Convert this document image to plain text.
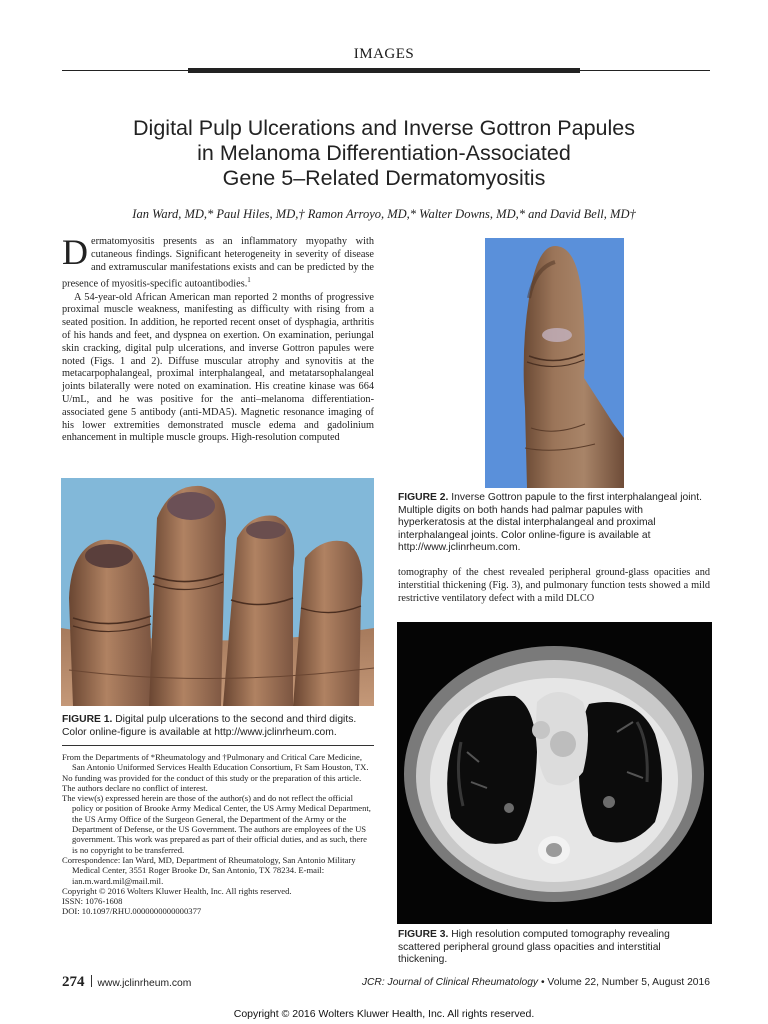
IMAGES
Digital Pulp Ulcerations and Inverse Gottron Papules
in Melanoma Differentiation-Associated
Gene 5–Related Dermatomyositis
Ian Ward, MD,* Paul Hiles, MD,† Ramon Arroyo, MD,* Walter Downs, MD,* and David Bell, MD†

Dermatomyositis presents as an inflammatory myopathy with cutaneous findings. Significant heterogeneity in severity of disease and extramuscular manifestations exists and can be predicted by the presence of myositis-specific autoantibodies.$^1$

A 54-year-old African American man reported 2 months of progressive proximal muscle weakness, manifesting as difficulty with rising from a seated position. In addition, he reported recent onset of dysphagia, arthritis of his hands and feet, and dyspnea on exertion. On examination, periungal skin cracking, digital pulp ulcerations, and inverse Gottron papules were noted (Figs. 1 and 2). Diffuse muscular atrophy and synovitis at the metacarpophalangeal, proximal interphalangeal, and metatarsophalangeal joints bilaterally were noted on examination. His creatine kinase was 664 U/mL, and he was positive for the anti–melanoma differentiation-associated gene 5 antibody (anti-MDA5). Magnetic resonance imaging of his lower extremities demonstrated muscle edema and gadolinium enhancement in multiple muscle groups. High-resolution computed

FIGURE 2. Inverse Gottron papule to the first interphalangeal joint. Multiple digits on both hands had palmar papules with hyperkeratosis at the distal interphalangeal and proximal interphalangeal joints. Color online-figure is available at http://www.jclinrheum.com.
tomography of the chest revealed peripheral ground-glass opacities and interstitial thickening (Fig. 3), and pulmonary function tests showed a mild restrictive ventilatory defect with a mild DLCO
FIGURE 1. Digital pulp ulcerations to the second and third digits. Color online-figure is available at http://www.jclinrheum.com.
From the Departments of *Rheumatology and †Pulmonary and Critical Care Medicine, San Antonio Uniformed Services Health Education Consortium, Ft Sam Houston, TX.
No funding was provided for the conduct of this study or the preparation of this article.
The authors declare no conflict of interest.
The view(s) expressed herein are those of the author(s) and do not reflect the official policy or position of Brooke Army Medical Center, the US Army Medical Department, the US Army Office of the Surgeon General, the Department of the Army or the Department of Defense, or the US Government. The authors are employees of the US government. This work was prepared as part of their official duties, and as such, there is no copyright to be transferred.
Correspondence: Ian Ward, MD, Department of Rheumatology, San Antonio Military Medical Center, 3551 Roger Brooke Dr, San Antonio, TX 78234. E-mail: ian.m.ward.mil@mail.mil.
Copyright © 2016 Wolters Kluwer Health, Inc. All rights reserved.
ISSN: 1076-1608
DOI: 10.1097/RHU.0000000000000377
FIGURE 3. High resolution computed tomography revealing scattered peripheral ground glass opacities and interstitial thickening.
274 www.jclinrheum.com	JCR: Journal of Clinical Rheumatology • Volume 22, Number 5, August 2016
Copyright © 2016 Wolters Kluwer Health, Inc. All rights reserved.
